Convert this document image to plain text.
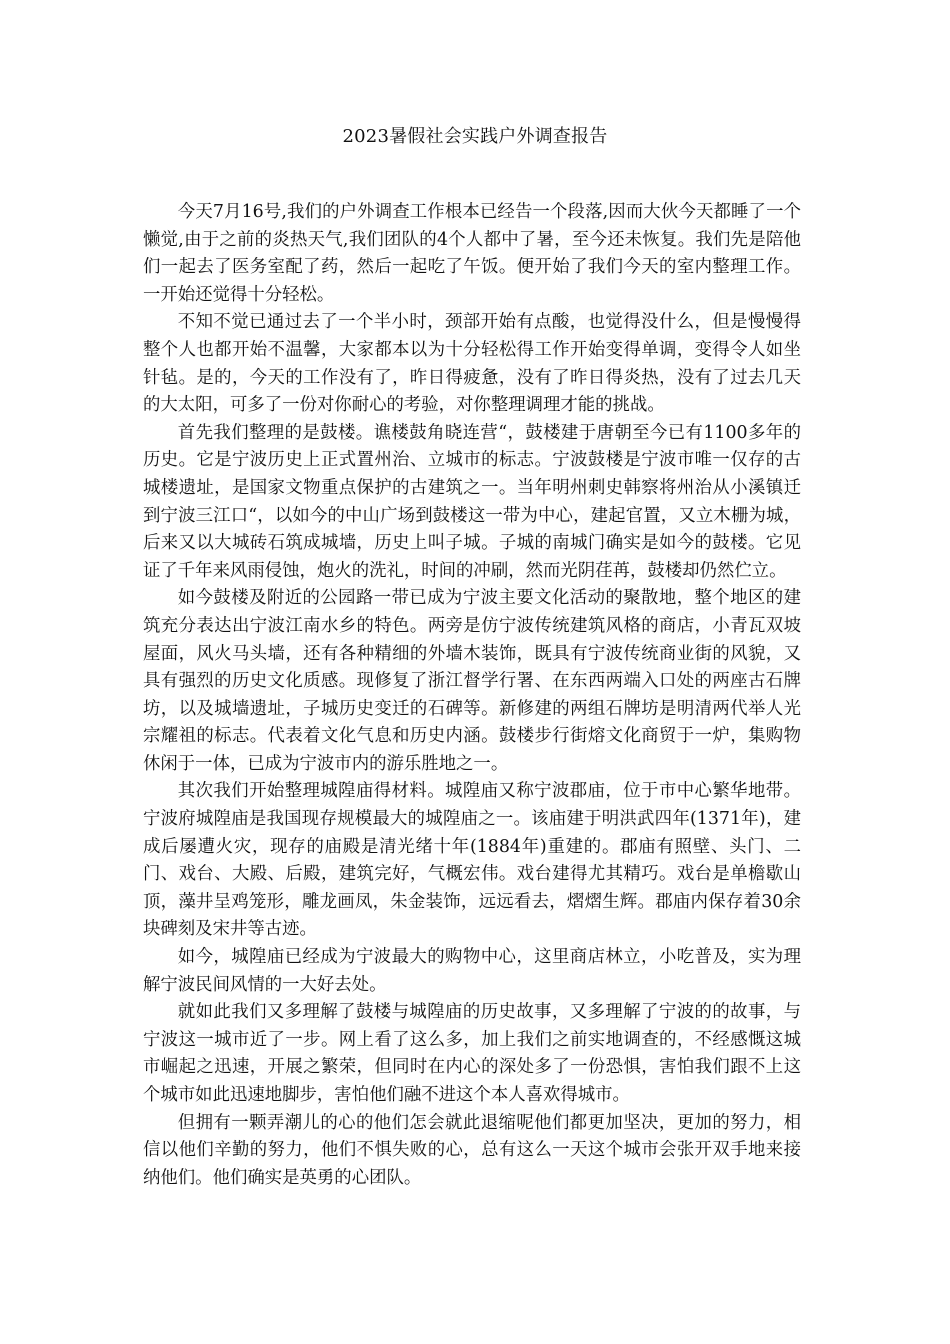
2023暑假社会实践户外调查报告

今天7月16号,我们的户外调查工作根本已经告一个段落,因而大伙今天都睡了一个懒觉,由于之前的炎热天气,我们团队的4个人都中了暑，至今还未恢复。我们先是陪他们一起去了医务室配了药，然后一起吃了午饭。便开始了我们今天的室内整理工作。一开始还觉得十分轻松。

不知不觉已通过去了一个半小时，颈部开始有点酸，也觉得没什么，但是慢慢得整个人也都开始不温馨，大家都本以为十分轻松得工作开始变得单调，变得令人如坐针毡。是的，今天的工作没有了，昨日得疲惫，没有了昨日得炎热，没有了过去几天的大太阳，可多了一份对你耐心的考验，对你整理调理才能的挑战。

首先我们整理的是鼓楼。谯楼鼓角晓连营“，鼓楼建于唐朝至今已有1100多年的历史。它是宁波历史上正式置州治、立城市的标志。宁波鼓楼是宁波市唯一仅存的古城楼遗址，是国家文物重点保护的古建筑之一。当年明州刺史韩察将州治从小溪镇迁到宁波三江口“，以如今的中山广场到鼓楼这一带为中心，建起官置，又立木栅为城，后来又以大城砖石筑成城墙，历史上叫子城。子城的南城门确实是如今的鼓楼。它见证了千年来风雨侵蚀，炮火的洗礼，时间的冲刷，然而光阴荏苒，鼓楼却仍然伫立。

如今鼓楼及附近的公园路一带已成为宁波主要文化活动的聚散地，整个地区的建筑充分表达出宁波江南水乡的特色。两旁是仿宁波传统建筑风格的商店，小青瓦双坡屋面，风火马头墙，还有各种精细的外墙木装饰，既具有宁波传统商业街的风貌，又具有强烈的历史文化质感。现修复了浙江督学行署、在东西两端入口处的两座古石牌坊，以及城墙遗址，子城历史变迁的石碑等。新修建的两组石牌坊是明清两代举人光宗耀祖的标志。代表着文化气息和历史内涵。鼓楼步行街熔文化商贸于一炉，集购物休闲于一体，已成为宁波市内的游乐胜地之一。

其次我们开始整理城隍庙得材料。城隍庙又称宁波郡庙，位于市中心繁华地带。宁波府城隍庙是我国现存规模最大的城隍庙之一。该庙建于明洪武四年(1371年)，建成后屡遭火灾，现存的庙殿是清光绪十年(1884年)重建的。郡庙有照壁、头门、二门、戏台、大殿、后殿，建筑完好，气概宏伟。戏台建得尤其精巧。戏台是单檐歇山顶，藻井呈鸡笼形，雕龙画凤，朱金装饰，远远看去，熠熠生辉。郡庙内保存着30余块碑刻及宋井等古迹。

如今，城隍庙已经成为宁波最大的购物中心，这里商店林立，小吃普及，实为理解宁波民间风情的一大好去处。

就如此我们又多理解了鼓楼与城隍庙的历史故事，又多理解了宁波的的故事，与宁波这一城市近了一步。网上看了这么多，加上我们之前实地调查的，不经感慨这城市崛起之迅速，开展之繁荣，但同时在内心的深处多了一份恐惧，害怕我们跟不上这个城市如此迅速地脚步，害怕他们融不进这个本人喜欢得城市。

但拥有一颗弄潮儿的心的他们怎会就此退缩呢他们都更加坚决，更加的努力，相信以他们辛勤的努力，他们不惧失败的心，总有这么一天这个城市会张开双手地来接纳他们。他们确实是英勇的心团队。
